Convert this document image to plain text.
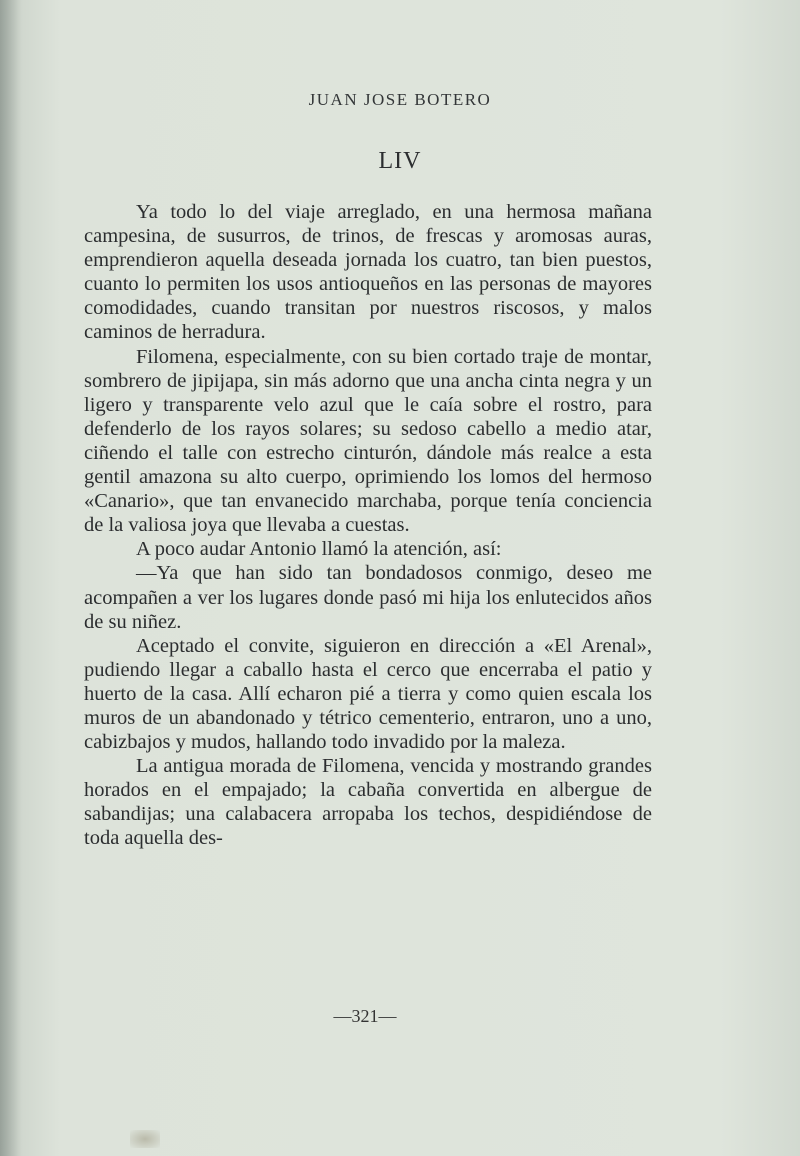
JUAN JOSE BOTERO
LIV

Ya todo lo del viaje arreglado, en una hermosa mañana campesina, de susurros, de trinos, de frescas y aromosas auras, emprendieron aquella deseada jornada los cuatro, tan bien puestos, cuanto lo permiten los usos antioqueños en las personas de mayores comodidades, cuando transitan por nuestros riscosos, y malos caminos de herradura.

Filomena, especialmente, con su bien cortado traje de montar, sombrero de jipijapa, sin más adorno que una ancha cinta negra y un ligero y transparente velo azul que le caía sobre el rostro, para defenderlo de los rayos solares; su sedoso cabello a medio atar, ciñendo el talle con estrecho cinturón, dándole más realce a esta gentil amazona su alto cuerpo, oprimiendo los lomos del hermoso «Canario», que tan envanecido marchaba, porque tenía conciencia de la valiosa joya que llevaba a cuestas.

A poco audar Antonio llamó la atención, así:

—Ya que han sido tan bondadosos conmigo, deseo me acompañen a ver los lugares donde pasó mi hija los enlutecidos años de su niñez.

Aceptado el convite, siguieron en dirección a «El Arenal», pudiendo llegar a caballo hasta el cerco que encerraba el patio y huerto de la casa. Allí echaron pié a tierra y como quien escala los muros de un abandonado y tétrico cementerio, entraron, uno a uno, cabizbajos y mudos, hallando todo invadido por la maleza.

La antigua morada de Filomena, vencida y mostrando grandes horados en el empajado; la cabaña convertida en albergue de sabandijas; una calabacera arropaba los techos, despidiéndose de toda aquella des-

—321—
